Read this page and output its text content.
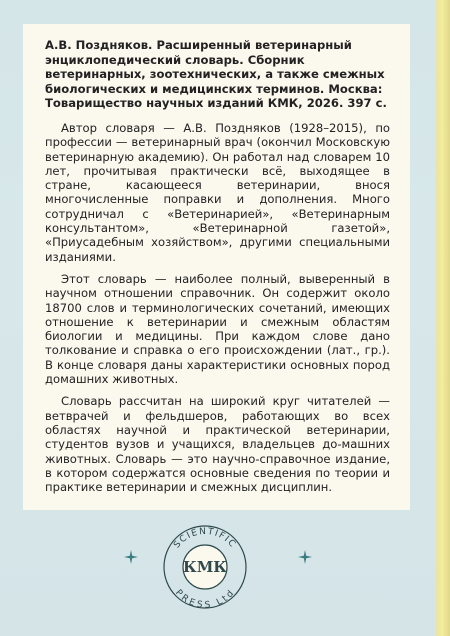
А.В. Поздняков. Расширенный ветеринарный энциклопедический словарь. Сборник ветеринарных, зоотехнических, а также смежных биологических и медицинских терминов. Москва: Товарищество научных изданий КМК, 2026. 397 с.

Автор словаря — А.В. Поздняков (1928–2015), по профессии — ветеринарный врач (окончил Московскую ветеринарную академию). Он работал над словарем 10 лет, прочитывая практически всё, выходящее в стране, касающееся ветеринарии, внося многочисленные поправки и дополнения. Много сотрудничал с «Ветеринарией», «Ветеринарным консультантом», «Ветеринарной газетой», «Приусадебным хозяйством», другими специальными изданиями.

Этот словарь — наиболее полный, выверенный в научном отношении справочник. Он содержит около 18700 слов и терминологических сочетаний, имеющих отношение к ветеринарии и смежным областям биологии и медицины. При каждом слове дано толкование и справка о его происхождении (лат., гр.). В конце словаря даны характеристики основных пород домашних животных.

Словарь рассчитан на широкий круг читателей — ветврачей и фельдшеров, работающих во всех областях научной и практической ветеринарии, студентов вузов и учащихся, владельцев до-машних животных. Словарь — это научно-справочное издание, в котором содержатся основные сведения по теории и практике ветеринарии и смежных дисциплин.

SCIENTIFIC
PRESS Ltd
КМК
